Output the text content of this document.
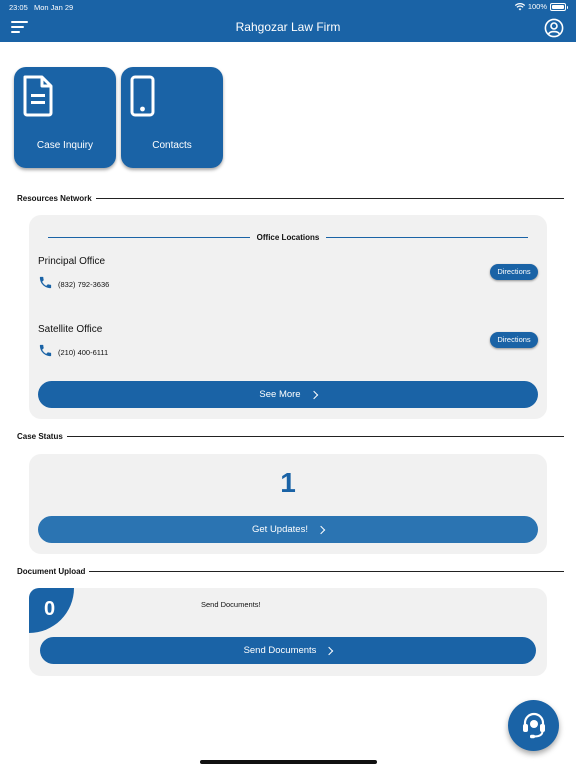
23:05 Mon Jan 29	100%
Rahgozar Law Firm
Case Inquiry	Contacts
Resources Network
Office Locations
Principal Office
(832) 792-3636
Directions
Satellite Office
(210) 400-6111
Directions
See More
Case Status
1
Get Updates!
Document Upload
0	Send Documents!
Send Documents
